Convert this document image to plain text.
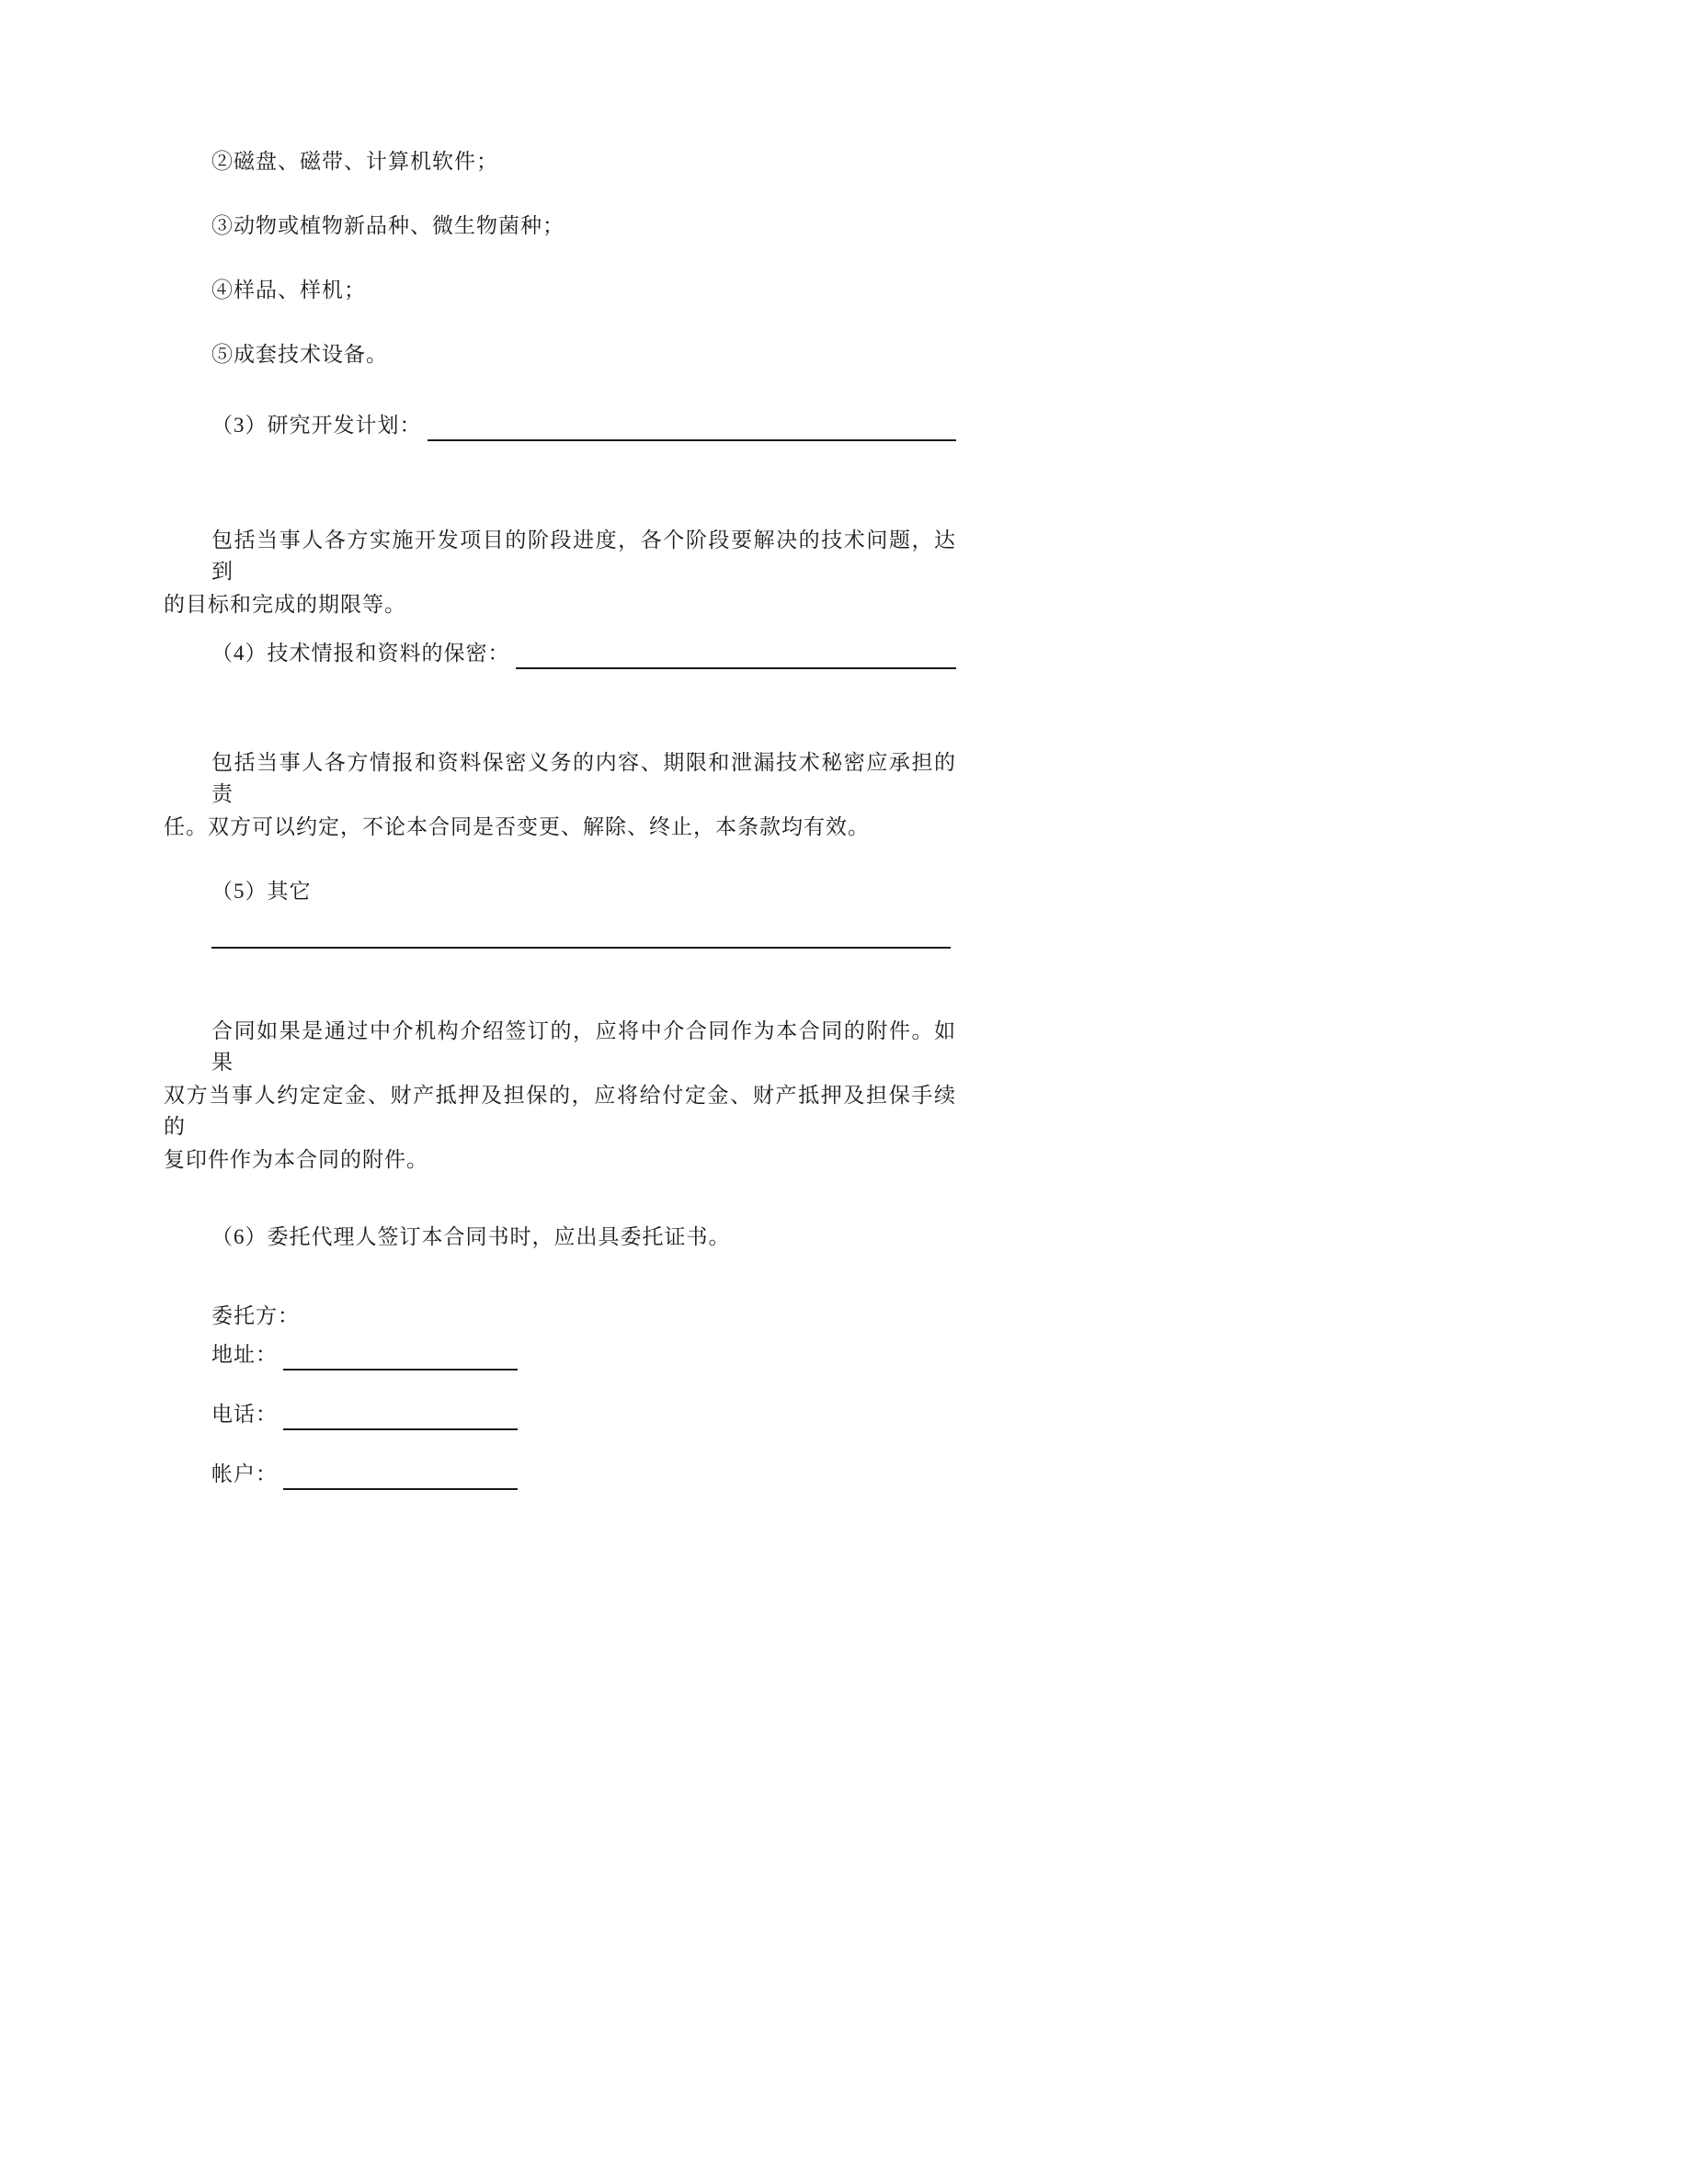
②磁盘、磁带、计算机软件；

③动物或植物新品种、微生物菌种；

④样品、样机；

⑤成套技术设备。

（3）研究开发计划：

包括当事人各方实施开发项目的阶段进度，各个阶段要解决的技术问题，达到

的目标和完成的期限等。

（4）技术情报和资料的保密：

包括当事人各方情报和资料保密义务的内容、期限和泄漏技术秘密应承担的责

任。双方可以约定，不论本合同是否变更、解除、终止，本条款均有效。

（5）其它

合同如果是通过中介机构介绍签订的，应将中介合同作为本合同的附件。如果

双方当事人约定定金、财产抵押及担保的，应将给付定金、财产抵押及担保手续的

复印件作为本合同的附件。

（6）委托代理人签订本合同书时，应出具委托证书。

委托方：

地址：
电话：
帐户：
